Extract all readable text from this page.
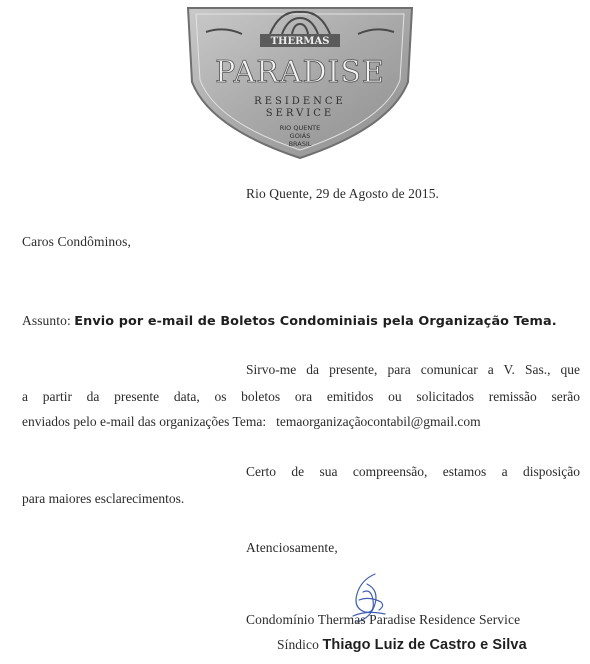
THERMAS
PARADISE
RESIDENCE
SERVICE
RIO QUENTE
GOIÁS
BRASIL
Rio Quente, 29 de Agosto de 2015.
Caros Condôminos,
Assunto: Envio por e-mail de Boletos Condominiais pela Organização Tema.
Sirvo-me da presente, para comunicar a V. Sas., que
a partir da presente data, os boletos ora emitidos ou solicitados remissão serão
enviados pelo e-mail das organizações Tema: temaorganizaçãocontabil@gmail.com
Certo de sua compreensão, estamos a disposição
para maiores esclarecimentos.
Atenciosamente,
Condomínio Thermas Paradise Residence Service
Síndico Thiago Luiz de Castro e Silva
